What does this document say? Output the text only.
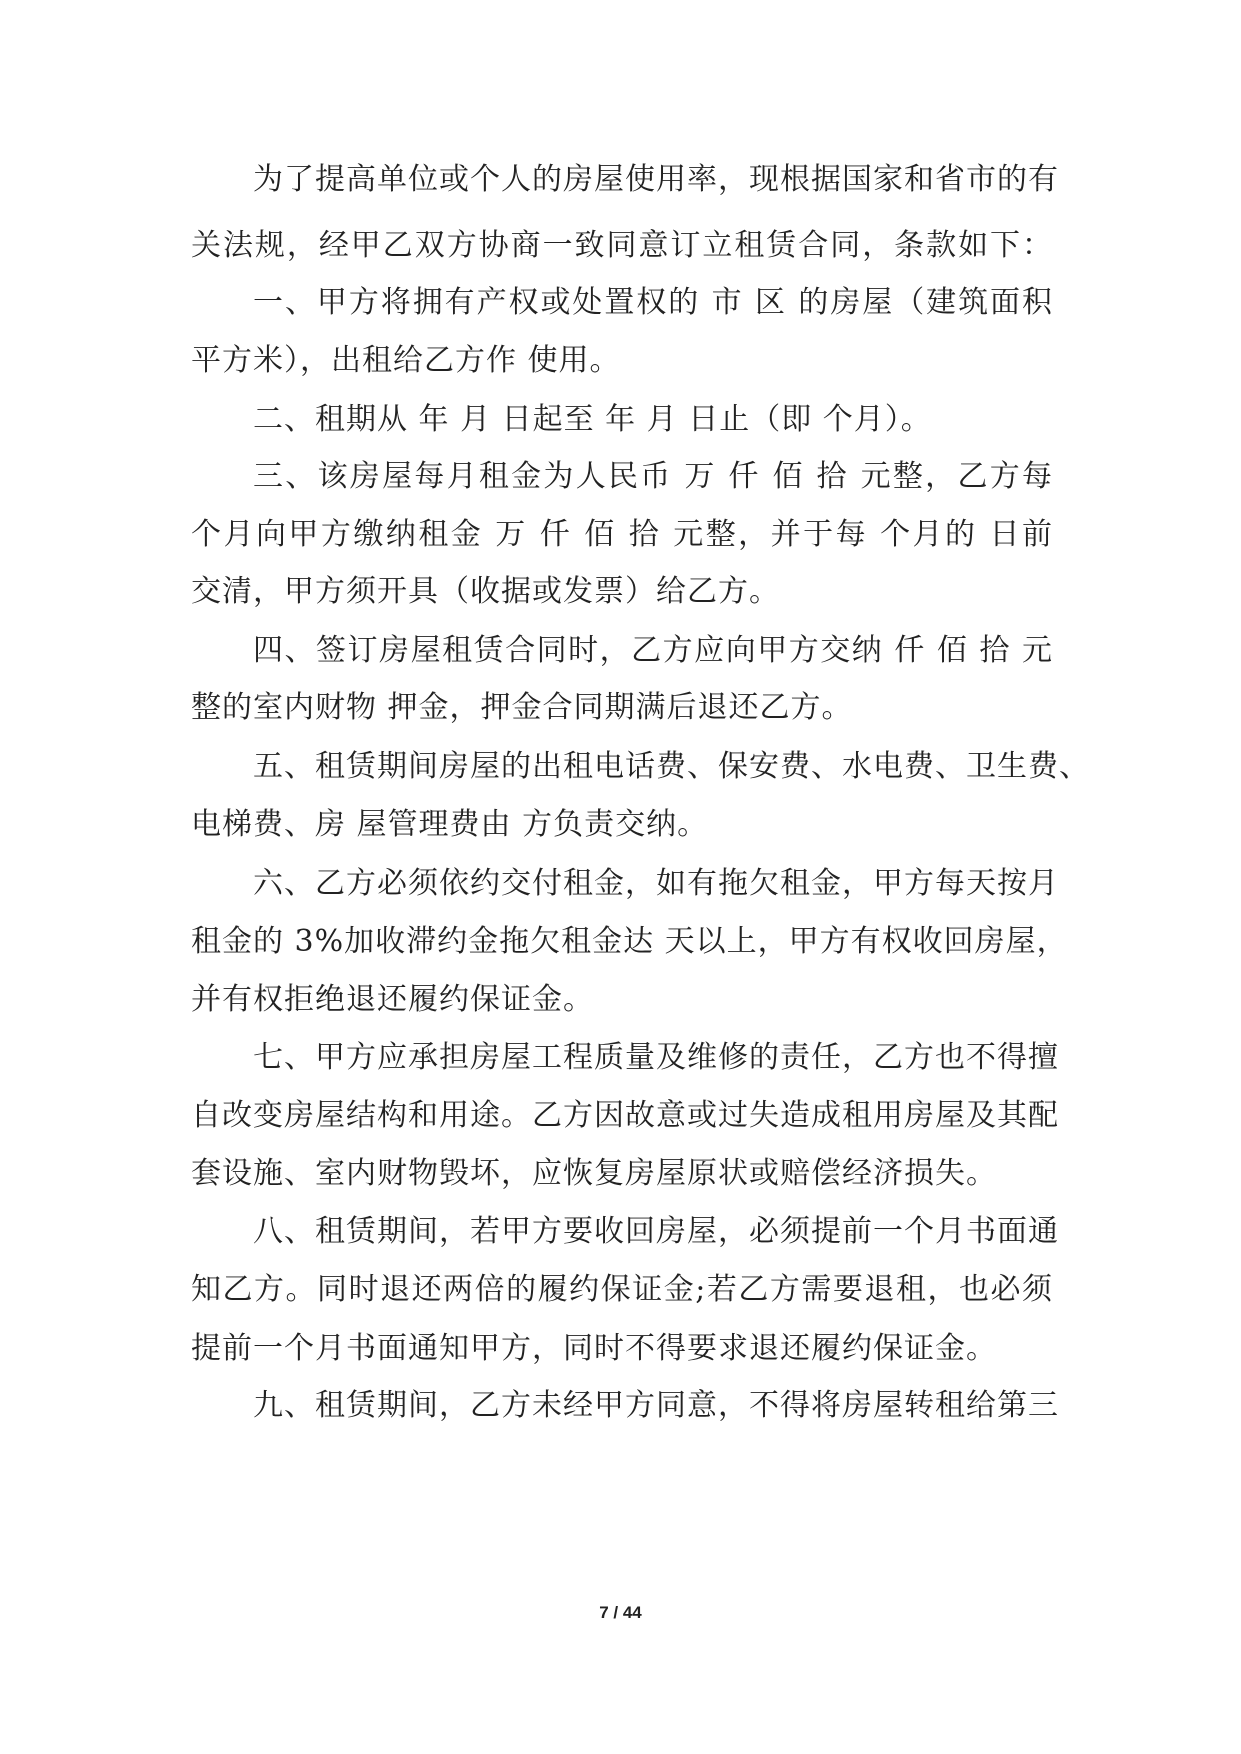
为了提高单位或个人的房屋使用率，现根据国家和省市的有
关法规，经甲乙双方协商一致同意订立租赁合同，条款如下：
一、甲方将拥有产权或处置权的 市 区 的房屋（建筑面积
平方米），出租给乙方作 使用。
二、租期从 年 月 日起至 年 月 日止（即 个月）。
三、该房屋每月租金为人民币 万 仟 佰 拾 元整，乙方每
个月向甲方缴纳租金 万 仟 佰 拾 元整，并于每 个月的 日前
交清，甲方须开具（收据或发票）给乙方。
四、签订房屋租赁合同时，乙方应向甲方交纳 仟 佰 拾 元
整的室内财物 押金，押金合同期满后退还乙方。
五、租赁期间房屋的出租电话费、保安费、水电费、卫生费、
电梯费、房 屋管理费由 方负责交纳。
六、乙方必须依约交付租金，如有拖欠租金，甲方每天按月
租金的 3%加收滞约金拖欠租金达 天以上，甲方有权收回房屋，
并有权拒绝退还履约保证金。
七、甲方应承担房屋工程质量及维修的责任，乙方也不得擅
自改变房屋结构和用途。乙方因故意或过失造成租用房屋及其配
套设施、室内财物毁坏，应恢复房屋原状或赔偿经济损失。
八、租赁期间，若甲方要收回房屋，必须提前一个月书面通
知乙方。同时退还两倍的履约保证金;若乙方需要退租，也必须
提前一个月书面通知甲方，同时不得要求退还履约保证金。
九、租赁期间，乙方未经甲方同意，不得将房屋转租给第三
7 / 44
